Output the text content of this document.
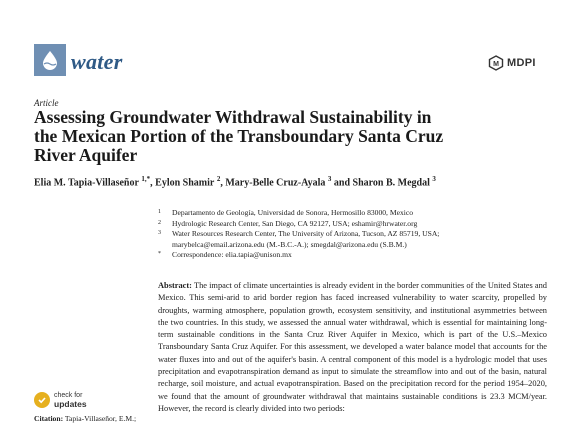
water	M MDPI
Article
Assessing Groundwater Withdrawal Sustainability in
the Mexican Portion of the Transboundary Santa Cruz
River Aquifer
Elia M. Tapia-Villaseñor $^{1,*}$, Eylon Shamir $^2$, Mary-Belle Cruz-Ayala $^3$ and Sharon B. Megdal $^3$
1	Departamento de Geología, Universidad de Sonora, Hermosillo 83000, Mexico
2	Hydrologic Research Center, San Diego, CA 92127, USA; eshamir@hrwater.org
3	Water Resources Research Center, The University of Arizona, Tucson, AZ 85719, USA;
marybelca@email.arizona.edu (M.-B.C.-A.); smegdal@arizona.edu (S.B.M.)
*	Correspondence: elia.tapia@unison.mx
Abstract: The impact of climate uncertainties is already evident in the border communities of the United States and Mexico. This semi-arid to arid border region has faced increased vulnerability to water scarcity, propelled by droughts, warming atmosphere, population growth, ecosystem sensitivity, and institutional asymmetries between the two countries. In this study, we assessed the annual water withdrawal, which is essential for maintaining long-term sustainable conditions in the Santa Cruz River Aquifer in Mexico, which is part of the U.S.–Mexico Transboundary Santa Cruz Aquifer. For this assessment, we developed a water balance model that accounts for the water fluxes into and out of the aquifer's basin. A central component of this model is a hydrologic model that uses precipitation and evapotranspiration demand as input to simulate the streamflow into and out of the basin, natural recharge, soil moisture, and actual evapotranspiration. Based on the precipitation record for the period 1954–2020, we found that the amount of groundwater withdrawal that maintains sustainable conditions is 23.3 MCM/year. However, the record is clearly divided into two periods:
check for
updates
Citation: Tapia-Villaseñor, E.M.;
